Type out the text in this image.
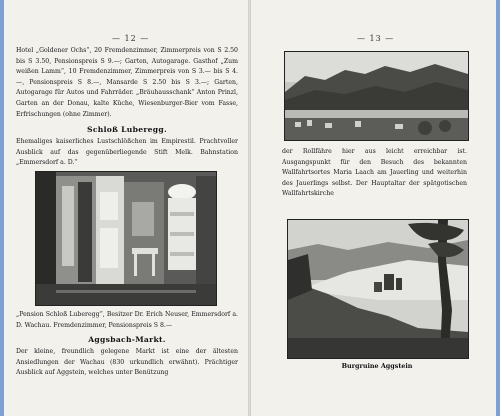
— 12 —
Hotel „Goldener Ochs“, 20 Fremdenzimmer, Zimmerpreis von S 2.50 bis S 3.50, Pensionspreis S 9.—; Garten, Autogarage. Gasthof „Zum weißen Lamm“, 10 Fremdenzimmer, Zimmerpreis von S 3.— bis S 4.—, Pensionspreis S 8.—, Mansarde S 2.50 bis S 3.—; Garten, Autogarage für Autos und Fahrräder. „Bräuhausschank“ Anton Prinzl, Garten an der Donau, kalte Küche, Wiesenburger-Bier vom Fasse, Erfrischungen (ohne Zimmer).
Schloß Luberegg.
Ehemaliges kaiserliches Lustschlößchen im Empirestil. Prachtvoller Ausblick auf das gegenüberliegende Stift Melk. Bahnstation „Emmersdorf a. D.“
„Pension Schloß Luberegg“, Besitzer Dr. Erich Neuser, Emmersdorf a. D. Wachau. Fremdenzimmer, Pensionspreis S 8.—
Aggsbach-Markt.
Der kleine, freundlich gelegene Markt ist eine der ältesten Ansiedlungen der Wachau (830 urkundlich erwähnt). Prächtiger Ausblick auf Aggstein, welches unter Benützung
— 13 —
der Rollfähre hier aus leicht erreichbar ist. Ausgangspunkt für den Besuch des bekannten Wallfahrtsortes Maria Laach am Jauerling und weiterhin des Jauerlings selbst. Der Hauptaltar der spätgotischen Wallfahrtskirche
Burgruine Aggstein
